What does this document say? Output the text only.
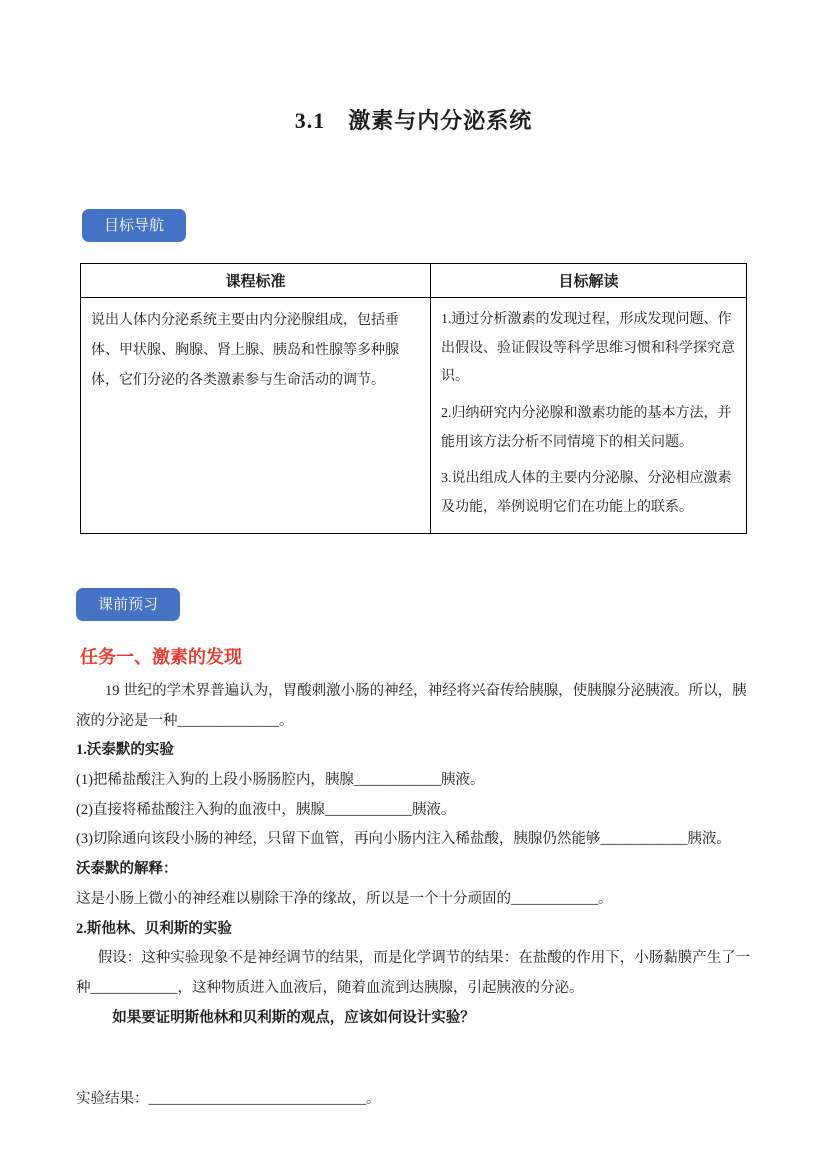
3.1　激素与内分泌系统
目标导航
课程标准	目标解读
说出人体内分泌系统主要由内分泌腺组成，包括垂体、甲状腺、胸腺、肾上腺、胰岛和性腺等多种腺体，它们分泌的各类激素参与生命活动的调节。	1.通过分析激素的发现过程，形成发现问题、作出假设、验证假设等科学思维习惯和科学探究意识。

2.归纳研究内分泌腺和激素功能的基本方法，并能用该方法分析不同情境下的相关问题。

3.说出组成人体的主要内分泌腺、分泌相应激素及功能，举例说明它们在功能上的联系。

课前预习
任务一、激素的发现

19 世纪的学术界普遍认为，胃酸刺激小肠的神经，神经将兴奋传给胰腺，使胰腺分泌胰液。所以，胰液的分泌是一种______________。

1.沃泰默的实验

(1)把稀盐酸注入狗的上段小肠肠腔内，胰腺____________胰液。

(2)直接将稀盐酸注入狗的血液中，胰腺____________胰液。

(3)切除通向该段小肠的神经，只留下血管，再向小肠内注入稀盐酸，胰腺仍然能够____________胰液。

沃泰默的解释：

这是小肠上微小的神经难以剔除干净的缘故，所以是一个十分顽固的____________。

2.斯他林、贝利斯的实验

假设：这种实验现象不是神经调节的结果，而是化学调节的结果：在盐酸的作用下，小肠黏膜产生了一种____________，这种物质进入血液后，随着血流到达胰腺，引起胰液的分泌。

如果要证明斯他林和贝利斯的观点，应该如何设计实验？

实验结果：______________________________。
